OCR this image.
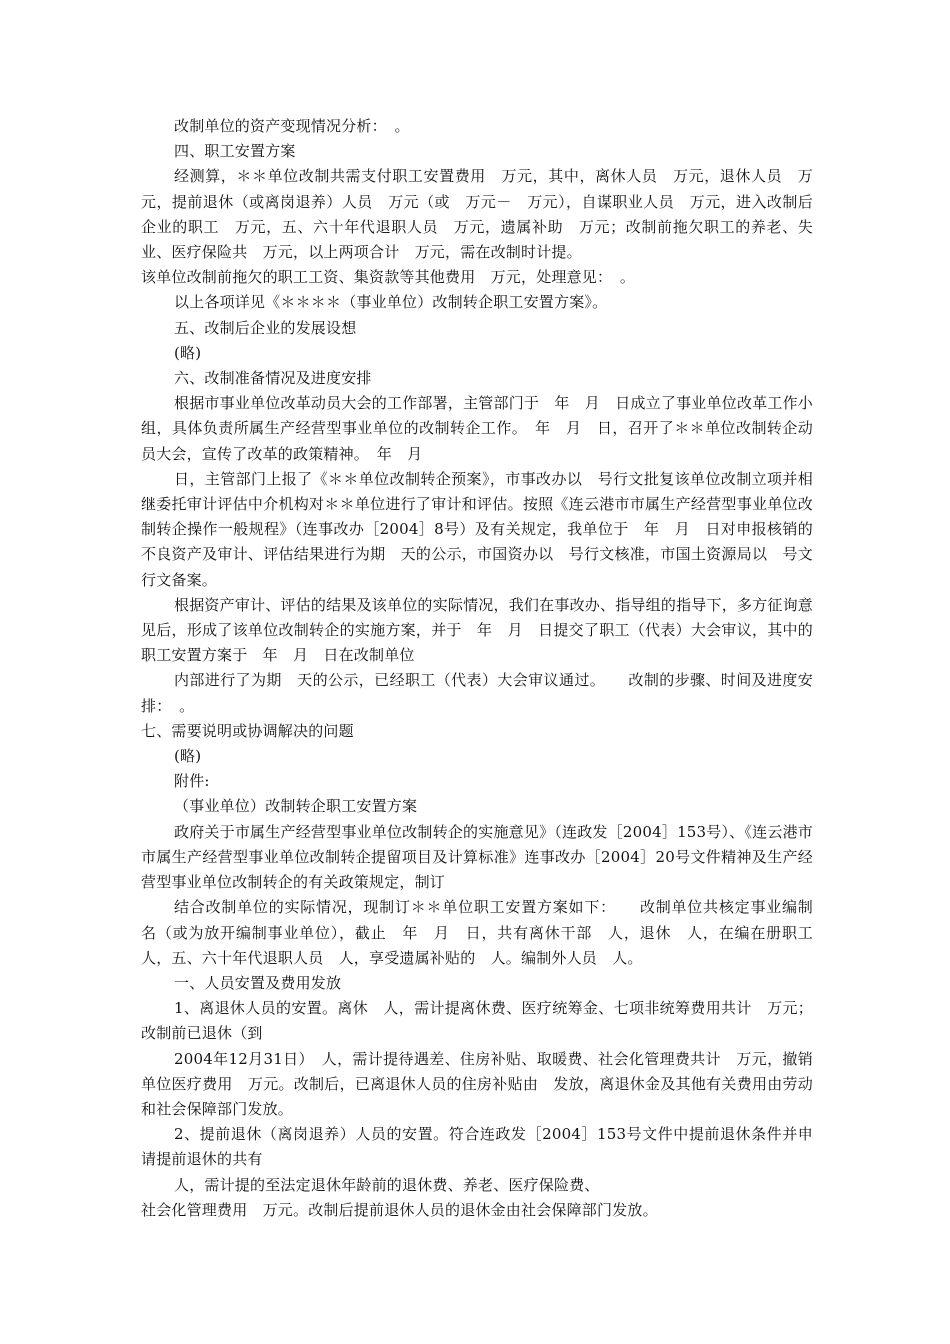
改制单位的资产变现情况分析：　。

四、职工安置方案

经测算，＊＊单位改制共需支付职工安置费用　万元，其中，离休人员　万元，退休人员　万元，提前退休（或离岗退养）人员　万元（或　万元－　万元），自谋职业人员　万元，进入改制后企业的职工　万元，五、六十年代退职人员　万元，遗属补助　万元；改制前拖欠职工的养老、失业、医疗保险共　万元，以上两项合计　万元，需在改制时计提。

该单位改制前拖欠的职工工资、集资款等其他费用　万元，处理意见：　。

以上各项详见《＊＊＊＊（事业单位）改制转企职工安置方案》。

五、改制后企业的发展设想

(略)

六、改制准备情况及进度安排

根据市事业单位改革动员大会的工作部署，主管部门于　年　月　日成立了事业单位改革工作小组，具体负责所属生产经营型事业单位的改制转企工作。　年　月　日，召开了＊＊单位改制转企动员大会，宣传了改革的政策精神。　年　月

日，主管部门上报了《＊＊单位改制转企预案》，市事改办以　号行文批复该单位改制立项并相继委托审计评估中介机构对＊＊单位进行了审计和评估。按照《连云港市市属生产经营型事业单位改制转企操作一般规程》（连事改办［2004］8号）及有关规定，我单位于　年　月　日对申报核销的不良资产及审计、评估结果进行为期　天的公示，市国资办以　号行文核准，市国土资源局以　号文行文备案。

根据资产审计、评估的结果及该单位的实际情况，我们在事改办、指导组的指导下，多方征询意见后，形成了该单位改制转企的实施方案，并于　年　月　日提交了职工（代表）大会审议，其中的职工安置方案于　年　月　日在改制单位

内部进行了为期　天的公示，已经职工（代表）大会审议通过。　　改制的步骤、时间及进度安排：　。

七、需要说明或协调解决的问题

(略)

附件:

（事业单位）改制转企职工安置方案

政府关于市属生产经营型事业单位改制转企的实施意见》（连政发［2004］153号）、《连云港市市属生产经营型事业单位改制转企提留项目及计算标准》连事改办［2004］20号文件精神及生产经营型事业单位改制转企的有关政策规定，制订

结合改制单位的实际情况，现制订＊＊单位职工安置方案如下：　　改制单位共核定事业编制　名（或为放开编制事业单位），截止　年　月　日，共有离休干部　人，退休　人，在编在册职工　人，五、六十年代退职人员　人，享受遗属补贴的　人。编制外人员　人。

一、人员安置及费用发放

1、离退休人员的安置。离休　人，需计提离休费、医疗统筹金、七项非统筹费用共计　万元；改制前已退休（到

2004年12月31日）　人，需计提待遇差、住房补贴、取暖费、社会化管理费共计　万元，撤销单位医疗费用　万元。改制后，已离退休人员的住房补贴由　发放，离退休金及其他有关费用由劳动和社会保障部门发放。

2、提前退休（离岗退养）人员的安置。符合连政发［2004］153号文件中提前退休条件并申请提前退休的共有

人，需计提的至法定退休年龄前的退休费、养老、医疗保险费、

社会化管理费用　万元。改制后提前退休人员的退休金由社会保障部门发放。
